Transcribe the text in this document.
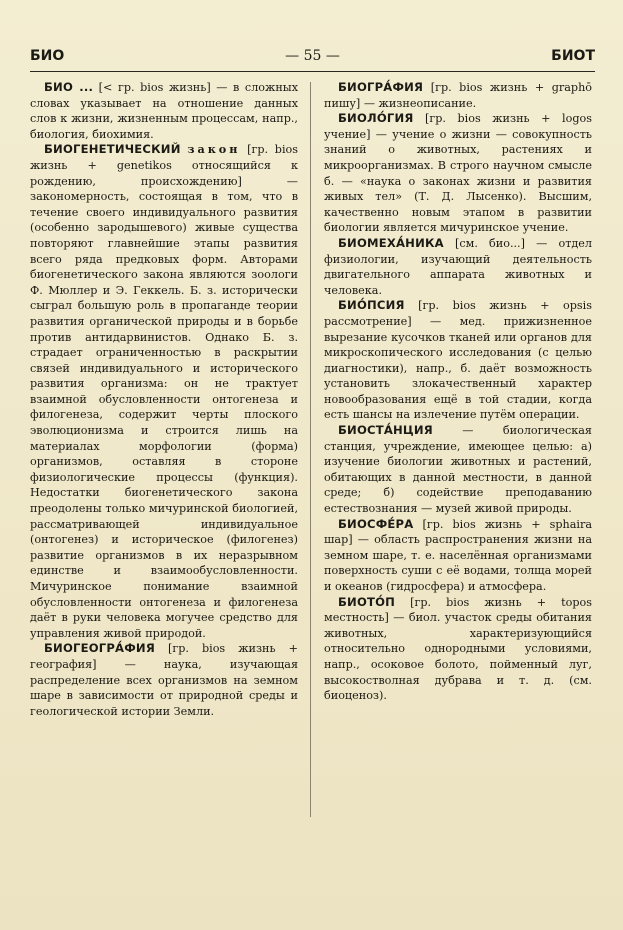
БИО	— 55 —	БИОТ

БИО ... [< гр. bios жизнь] — в сложных словах указывает на отношение данных слов к жизни, жизненным процессам, напр., биология, биохимия.

БИОГЕНЕТИЧЕСКИЙ закон [гр. bios жизнь + genetikos относящийся к рождению, происхождению] — закономерность, состоящая в том, что в течение своего индивидуального развития (особенно зародышевого) живые существа повторяют главнейшие этапы развития всего ряда предковых форм. Авторами биогенетического закона являются зоологи Ф. Мюллер и Э. Геккель. Б. з. исторически сыграл большую роль в пропаганде теории развития органической природы и в борьбе против антидарвинистов. Однако Б. з. страдает ограниченностью в раскрытии связей индивидуального и исторического развития организма: он не трактует взаимной обусловленности онтогенеза и филогенеза, содержит черты плоского эволюционизма и строится лишь на материалах морфологии (форма) организмов, оставляя в стороне физиологические процессы (функция). Недостатки биогенетического закона преодолены только мичуринской биологией, рассматривающей индивидуальное (онтогенез) и историческое (филогенез) развитие организмов в их неразрывном единстве и взаимообусловленности. Мичуринское понимание взаимной обусловленности онтогенеза и филогенеза даёт в руки человека могучее средство для управления живой природой.

БИОГЕОГРА́ФИЯ [гр. bios жизнь + география] — наука, изучающая распределение всех организмов на земном шаре в зависимости от природной среды и геологической истории Земли.

БИОГРА́ФИЯ [гр. bios жизнь + graphō пишу] — жизнеописание.

БИОЛО́ГИЯ [гр. bios жизнь + logos учение] — учение о жизни — совокупность знаний о животных, растениях и микроорганизмах. В строго научном смысле б. — «наука о законах жизни и развития живых тел» (Т. Д. Лысенко). Высшим, качественно новым этапом в развитии биологии является мичуринское учение.

БИОМЕХА́НИКА [см. био...] — отдел физиологии, изучающий деятельность двигательного аппарата животных и человека.

БИО́ПСИЯ [гр. bios жизнь + opsis рассмотрение] — мед. прижизненное вырезание кусочков тканей или органов для микроскопического исследования (с целью диагностики), напр., б. даёт возможность установить злокачественный характер новообразования ещё в той стадии, когда есть шансы на излечение путём операции.

БИОСТА́НЦИЯ	— биологическая станция, учреждение, имеющее целью: а) изучение биологии животных и растений, обитающих в данной местности, в данной среде; б) содействие преподаванию естествознания — музей живой природы.

БИОСФЕ́РА [гр. bios жизнь + sphaira шар] — область распространения жизни на земном шаре, т. е. населённая организмами поверхность суши с её водами, толща морей и океанов (гидросфера) и атмосфера.

БИОТО́П [гр. bios жизнь + topos местность] — биол. участок среды обитания животных, характеризующийся относительно однородными условиями, напр., осоковое болото, пойменный луг, высокостволная дубрава и т. д. (см. биоценоз).
